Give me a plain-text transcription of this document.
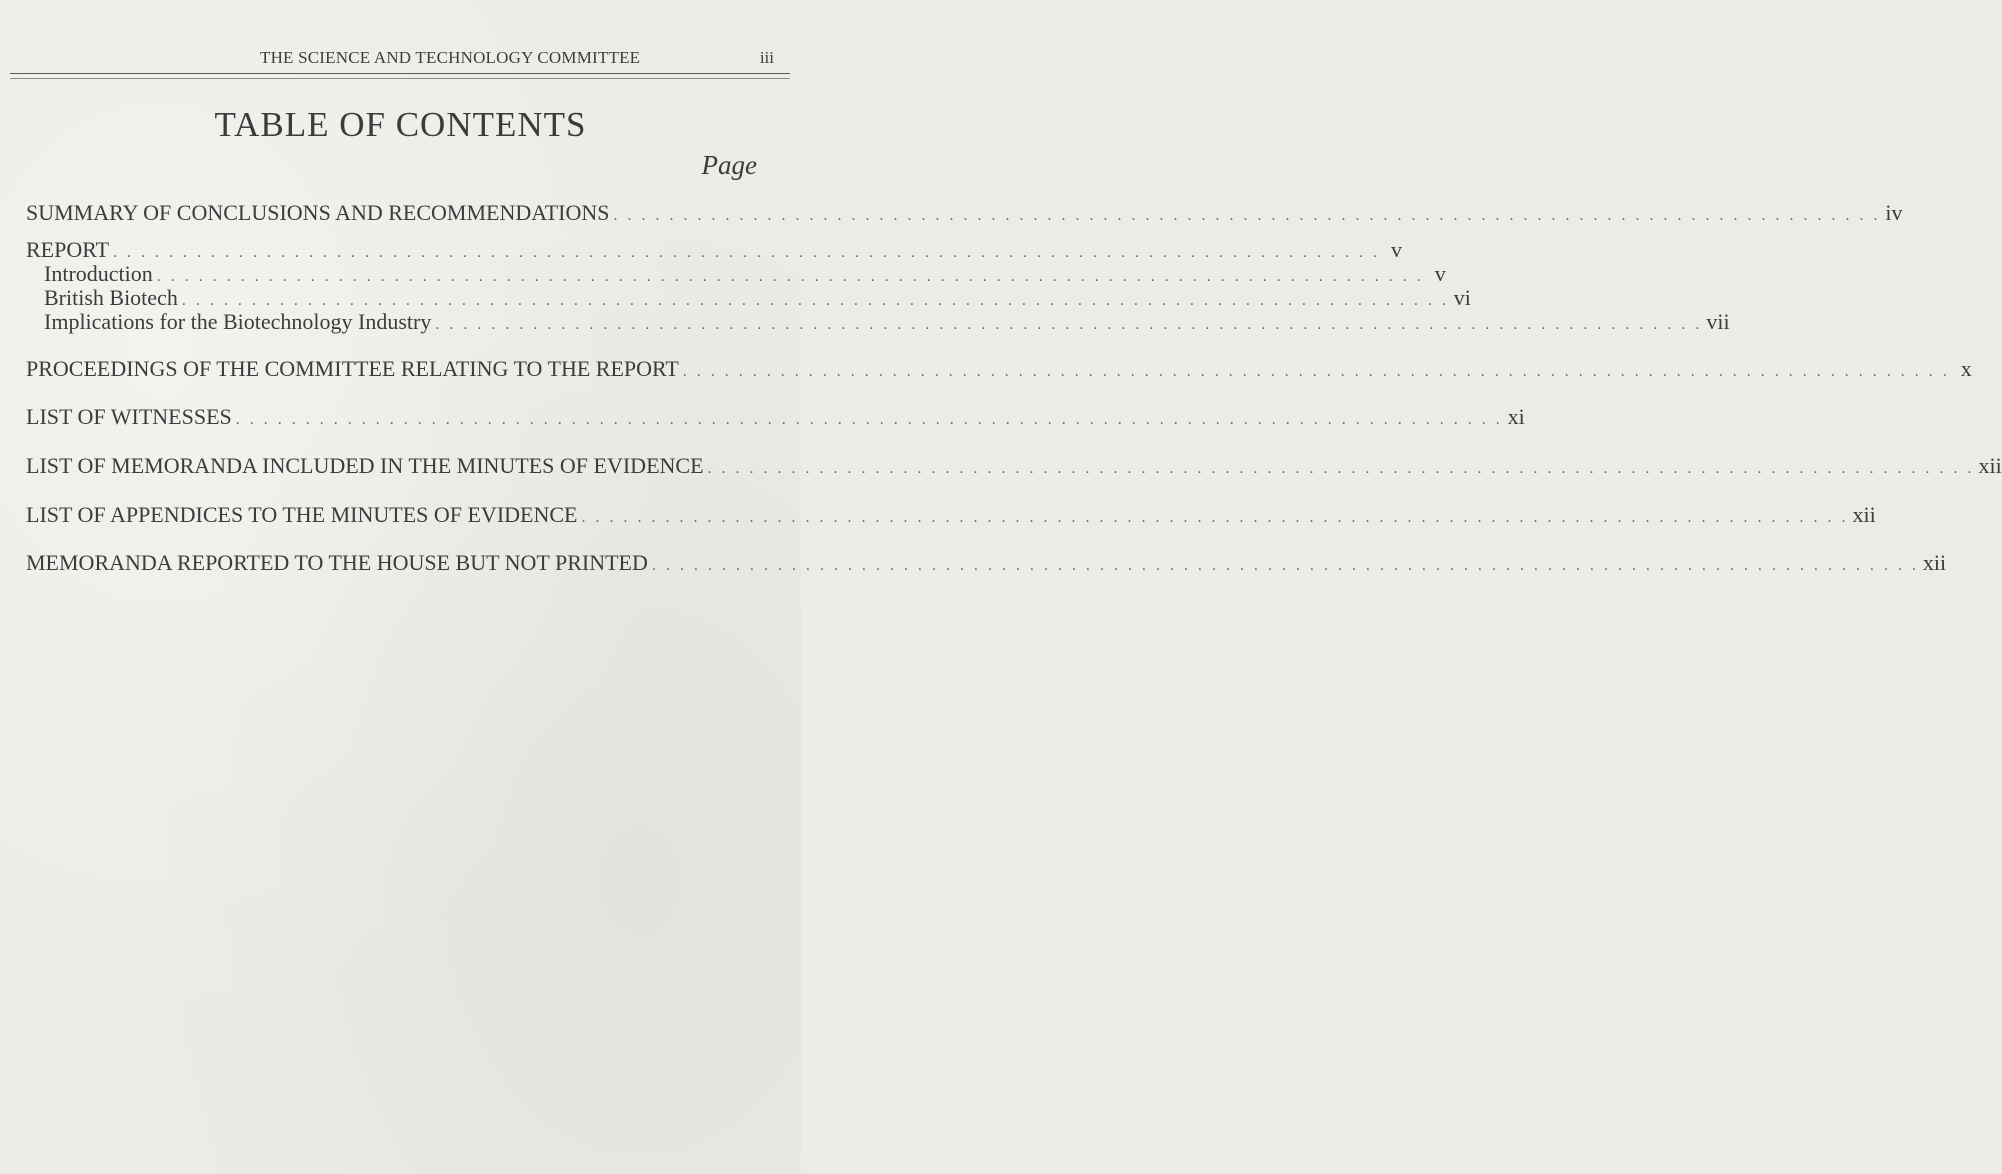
THE SCIENCE AND TECHNOLOGY COMMITTEE	iii
TABLE OF CONTENTS
Page
SUMMARY OF CONCLUSIONS AND RECOMMENDATIONS . . . . . . . . . . . . . . . . . . . . . . . . . . . . . . . . . . . . . . . . . . . . . . . . . . . . . . . . . . . . . . . . . . . . . . . . . . . . . . . . . . . . . . . . . . . iv
REPORT . . . . . . . . . . . . . . . . . . . . . . . . . . . . . . . . . . . . . . . . . . . . . . . . . . . . . . . . . . . . . . . . . . . . . . . . . . . . . . . . . . . . . . . . . . . v
Introduction . . . . . . . . . . . . . . . . . . . . . . . . . . . . . . . . . . . . . . . . . . . . . . . . . . . . . . . . . . . . . . . . . . . . . . . . . . . . . . . . . . . . . . . . . . . v
British Biotech . . . . . . . . . . . . . . . . . . . . . . . . . . . . . . . . . . . . . . . . . . . . . . . . . . . . . . . . . . . . . . . . . . . . . . . . . . . . . . . . . . . . . . . . . . . vi
Implications for the Biotechnology Industry . . . . . . . . . . . . . . . . . . . . . . . . . . . . . . . . . . . . . . . . . . . . . . . . . . . . . . . . . . . . . . . . . . . . . . . . . . . . . . . . . . . . . . . . . . . vii
PROCEEDINGS OF THE COMMITTEE RELATING TO THE REPORT . . . . . . . . . . . . . . . . . . . . . . . . . . . . . . . . . . . . . . . . . . . . . . . . . . . . . . . . . . . . . . . . . . . . . . . . . . . . . . . . . . . . . . . . . . . x
LIST OF WITNESSES . . . . . . . . . . . . . . . . . . . . . . . . . . . . . . . . . . . . . . . . . . . . . . . . . . . . . . . . . . . . . . . . . . . . . . . . . . . . . . . . . . . . . . . . . . . xi
LIST OF MEMORANDA INCLUDED IN THE MINUTES OF EVIDENCE . . . . . . . . . . . . . . . . . . . . . . . . . . . . . . . . . . . . . . . . . . . . . . . . . . . . . . . . . . . . . . . . . . . . . . . . . . . . . . . . . . . . . . . . . . . xii
LIST OF APPENDICES TO THE MINUTES OF EVIDENCE . . . . . . . . . . . . . . . . . . . . . . . . . . . . . . . . . . . . . . . . . . . . . . . . . . . . . . . . . . . . . . . . . . . . . . . . . . . . . . . . . . . . . . . . . . . xii
MEMORANDA REPORTED TO THE HOUSE BUT NOT PRINTED . . . . . . . . . . . . . . . . . . . . . . . . . . . . . . . . . . . . . . . . . . . . . . . . . . . . . . . . . . . . . . . . . . . . . . . . . . . . . . . . . . . . . . . . . . . xii
